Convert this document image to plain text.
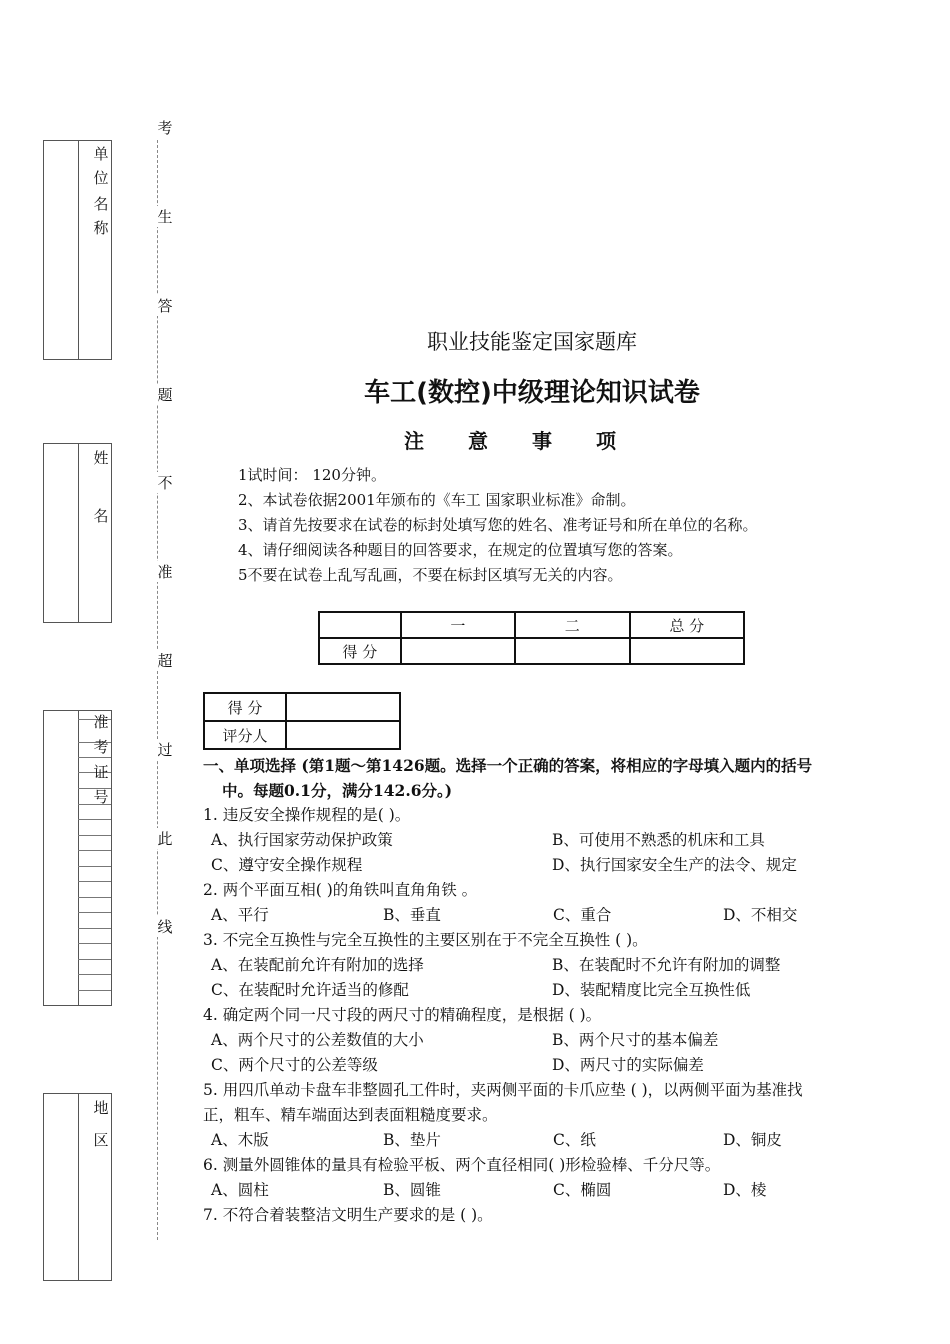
单
位
名
称
姓
名
准
考
证
号
地
区
考
生
答
题
不
准
超
过
此
线
职业技能鉴定国家题库
车工(数控)中级理论知识试卷
注意事项
1试时间： 120分钟。
2、本试卷依据2001年颁布的《车工 国家职业标准》命制。
3、请首先按要求在试卷的标封处填写您的姓名、准考证号和所在单位的名称。
4、请仔细阅读各种题目的回答要求，在规定的位置填写您的答案。
5不要在试卷上乱写乱画，不要在标封区填写无关的内容。
	一	二	总 分
得 分			
得 分	
评分人	
一、单项选择 (第1题～第1426题。选择一个正确的答案，将相应的字母填入题内的括号
中。每题0.1分，满分142.6分。)
1. 违反安全操作规程的是( )。
A、执行国家劳动保护政策	B、可使用不熟悉的机床和工具
C、遵守安全操作规程	D、执行国家安全生产的法令、规定
2. 两个平面互相( )的角铁叫直角角铁 。
A、平行	B、垂直	C、重合	D、不相交
3. 不完全互换性与完全互换性的主要区别在于不完全互换性 ( )。
A、在装配前允许有附加的选择	B、在装配时不允许有附加的调整
C、在装配时允许适当的修配	D、装配精度比完全互换性低
4. 确定两个同一尺寸段的两尺寸的精确程度，是根据 ( )。
A、两个尺寸的公差数值的大小	B、两个尺寸的基本偏差
C、两个尺寸的公差等级	D、两尺寸的实际偏差
5. 用四爪单动卡盘车非整圆孔工件时，夹两侧平面的卡爪应垫 ( )，以两侧平面为基准找
正，粗车、精车端面达到表面粗糙度要求。
A、木版	B、垫片	C、纸	D、铜皮
6. 测量外圆锥体的量具有检验平板、两个直径相同( )形检验棒、千分尺等。
A、圆柱	B、圆锥	C、椭圆	D、棱
7. 不符合着装整洁文明生产要求的是 ( )。
